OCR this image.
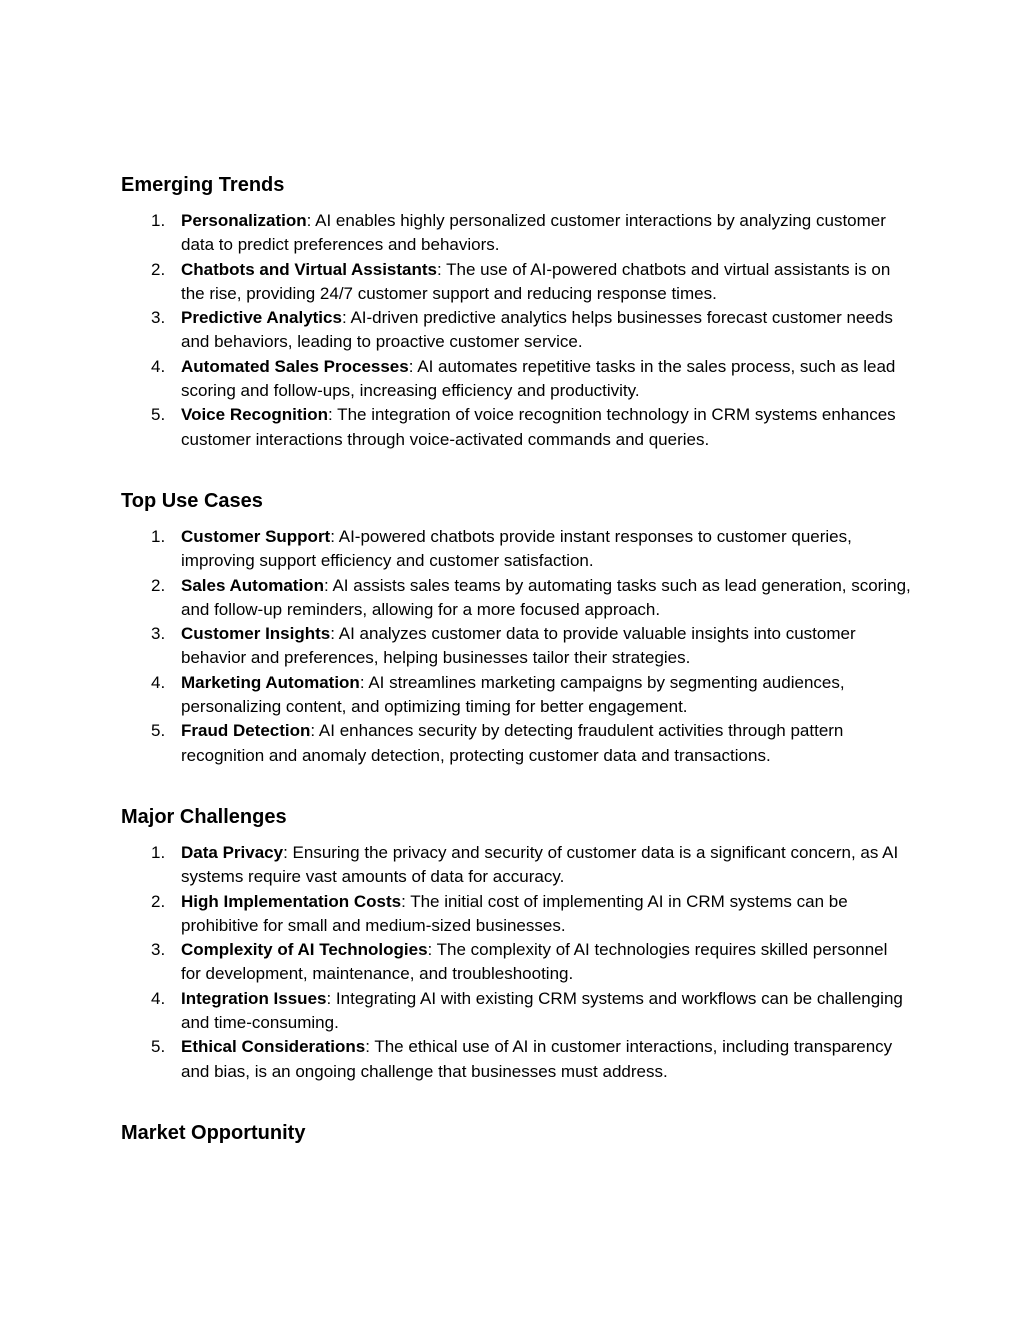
Emerging Trends
1. Personalization: AI enables highly personalized customer interactions by analyzing customer data to predict preferences and behaviors.
2. Chatbots and Virtual Assistants: The use of AI-powered chatbots and virtual assistants is on the rise, providing 24/7 customer support and reducing response times.
3. Predictive Analytics: AI-driven predictive analytics helps businesses forecast customer needs and behaviors, leading to proactive customer service.
4. Automated Sales Processes: AI automates repetitive tasks in the sales process, such as lead scoring and follow-ups, increasing efficiency and productivity.
5. Voice Recognition: The integration of voice recognition technology in CRM systems enhances customer interactions through voice-activated commands and queries.
Top Use Cases
1. Customer Support: AI-powered chatbots provide instant responses to customer queries, improving support efficiency and customer satisfaction.
2. Sales Automation: AI assists sales teams by automating tasks such as lead generation, scoring, and follow-up reminders, allowing for a more focused approach.
3. Customer Insights: AI analyzes customer data to provide valuable insights into customer behavior and preferences, helping businesses tailor their strategies.
4. Marketing Automation: AI streamlines marketing campaigns by segmenting audiences, personalizing content, and optimizing timing for better engagement.
5. Fraud Detection: AI enhances security by detecting fraudulent activities through pattern recognition and anomaly detection, protecting customer data and transactions.
Major Challenges
1. Data Privacy: Ensuring the privacy and security of customer data is a significant concern, as AI systems require vast amounts of data for accuracy.
2. High Implementation Costs: The initial cost of implementing AI in CRM systems can be prohibitive for small and medium-sized businesses.
3. Complexity of AI Technologies: The complexity of AI technologies requires skilled personnel for development, maintenance, and troubleshooting.
4. Integration Issues: Integrating AI with existing CRM systems and workflows can be challenging and time-consuming.
5. Ethical Considerations: The ethical use of AI in customer interactions, including transparency and bias, is an ongoing challenge that businesses must address.
Market Opportunity
